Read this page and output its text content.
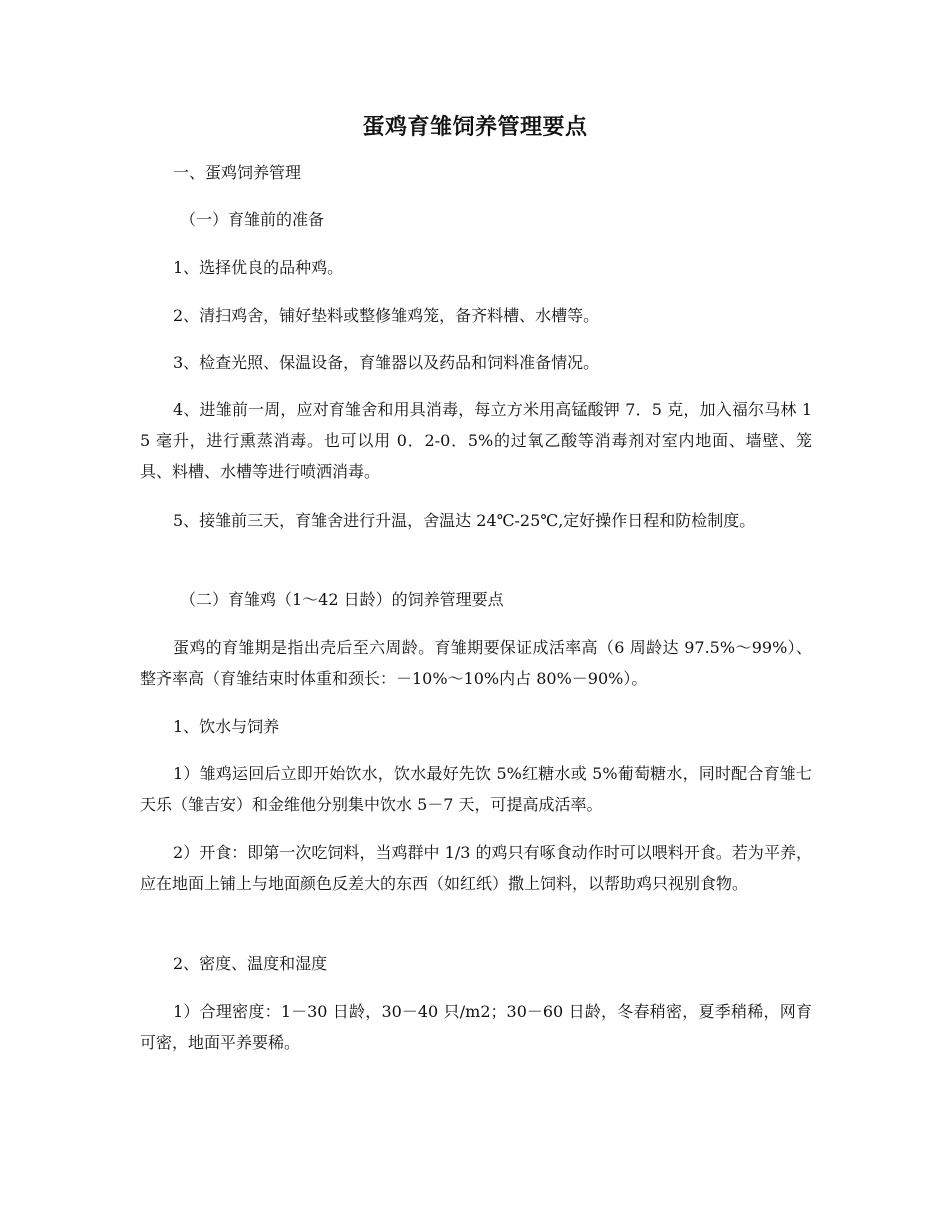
蛋鸡育雏饲养管理要点
一、蛋鸡饲养管理
（一）育雏前的准备
1、选择优良的品种鸡。
2、清扫鸡舍，铺好垫料或整修雏鸡笼，备齐料槽、水槽等。
3、检查光照、保温设备，育雏器以及药品和饲料准备情况。
4、进雏前一周，应对育雏舍和用具消毒，每立方米用高锰酸钾 7．5 克，加入福尔马林 15 毫升，进行熏蒸消毒。也可以用 0．2-0．5%的过氧乙酸等消毒剂对室内地面、墙壁、笼具、料槽、水槽等进行喷洒消毒。
5、接雏前三天，育雏舍进行升温，舍温达 24℃-25℃,定好操作日程和防检制度。
（二）育雏鸡（1～42 日龄）的饲养管理要点
蛋鸡的育雏期是指出壳后至六周龄。育雏期要保证成活率高（6 周龄达 97.5%～99%）、整齐率高（育雏结束时体重和颈长：－10%～10%内占 80%－90%）。
1、饮水与饲养
1）雏鸡运回后立即开始饮水，饮水最好先饮 5%红糖水或 5%葡萄糖水，同时配合育雏七天乐（雏吉安）和金维他分别集中饮水 5－7 天，可提高成活率。
2）开食：即第一次吃饲料，当鸡群中 1/3 的鸡只有啄食动作时可以喂料开食。若为平养，应在地面上铺上与地面颜色反差大的东西（如红纸）撒上饲料，以帮助鸡只视别食物。
2、密度、温度和湿度
1）合理密度：1－30 日龄，30－40 只/m2；30－60 日龄，冬春稍密，夏季稍稀，网育可密，地面平养要稀。
